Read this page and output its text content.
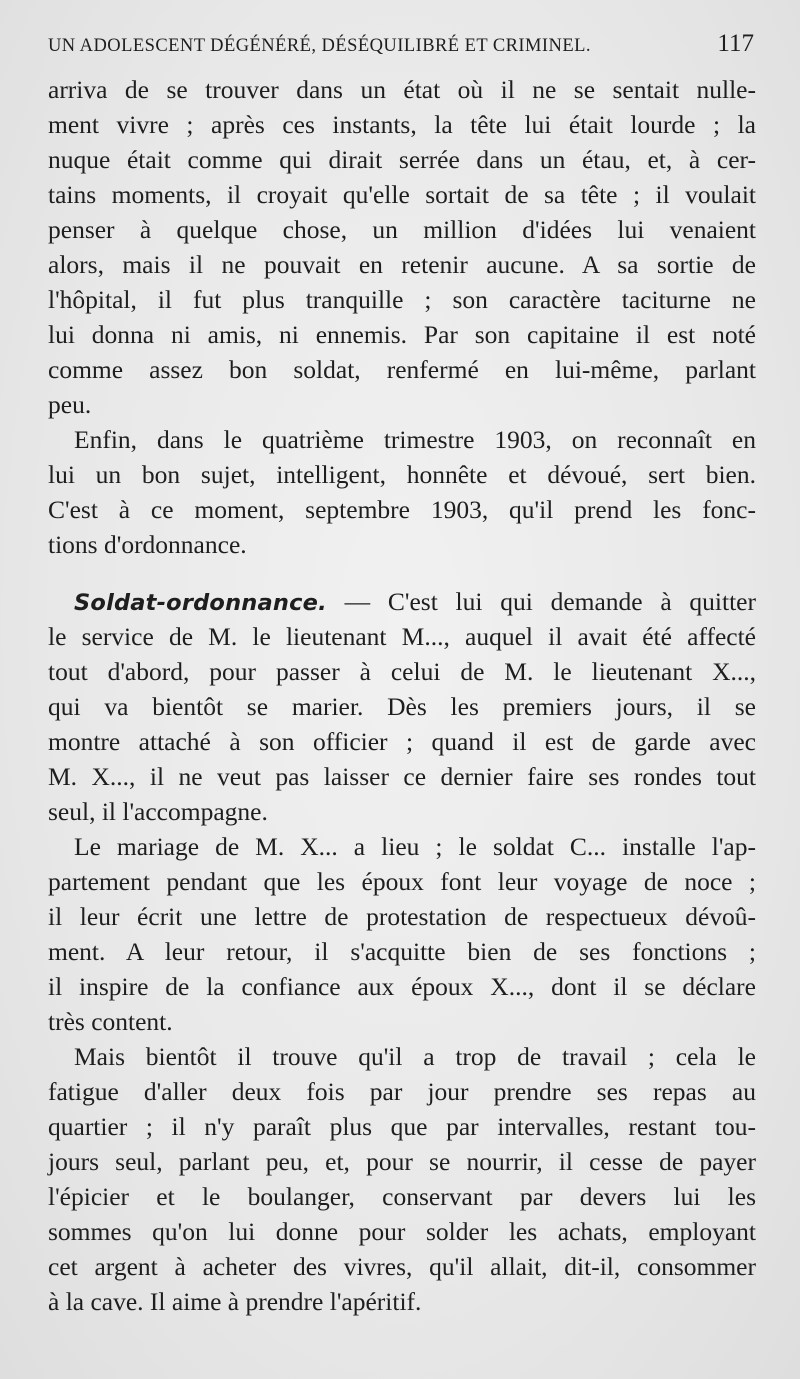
UN ADOLESCENT DÉGÉNÉRÉ, DÉSÉQUILIBRÉ ET CRIMINEL.	117
arriva de se trouver dans un état où il ne se sentait nulle-
ment vivre ; après ces instants, la tête lui était lourde ; la
nuque était comme qui dirait serrée dans un étau, et, à cer-
tains moments, il croyait qu'elle sortait de sa tête ; il voulait
penser à quelque chose, un million d'idées lui venaient
alors, mais il ne pouvait en retenir aucune. A sa sortie de
l'hôpital, il fut plus tranquille ; son caractère taciturne ne
lui donna ni amis, ni ennemis. Par son capitaine il est noté
comme assez bon soldat, renfermé en lui-même, parlant
peu.
Enfin, dans le quatrième trimestre 1903, on reconnaît en
lui un bon sujet, intelligent, honnête et dévoué, sert bien.
C'est à ce moment, septembre 1903, qu'il prend les fonc-
tions d'ordonnance.
Soldat-ordonnance. — C'est lui qui demande à quitter
le service de M. le lieutenant M..., auquel il avait été affecté
tout d'abord, pour passer à celui de M. le lieutenant X...,
qui va bientôt se marier. Dès les premiers jours, il se
montre attaché à son officier ; quand il est de garde avec
M. X..., il ne veut pas laisser ce dernier faire ses rondes tout
seul, il l'accompagne.
Le mariage de M. X... a lieu ; le soldat C... installe l'ap-
partement pendant que les époux font leur voyage de noce ;
il leur écrit une lettre de protestation de respectueux dévoû-
ment. A leur retour, il s'acquitte bien de ses fonctions ;
il inspire de la confiance aux époux X..., dont il se déclare
très content.
Mais bientôt il trouve qu'il a trop de travail ; cela le
fatigue d'aller deux fois par jour prendre ses repas au
quartier ; il n'y paraît plus que par intervalles, restant tou-
jours seul, parlant peu, et, pour se nourrir, il cesse de payer
l'épicier et le boulanger, conservant par devers lui les
sommes qu'on lui donne pour solder les achats, employant
cet argent à acheter des vivres, qu'il allait, dit-il, consommer
à la cave. Il aime à prendre l'apéritif.
